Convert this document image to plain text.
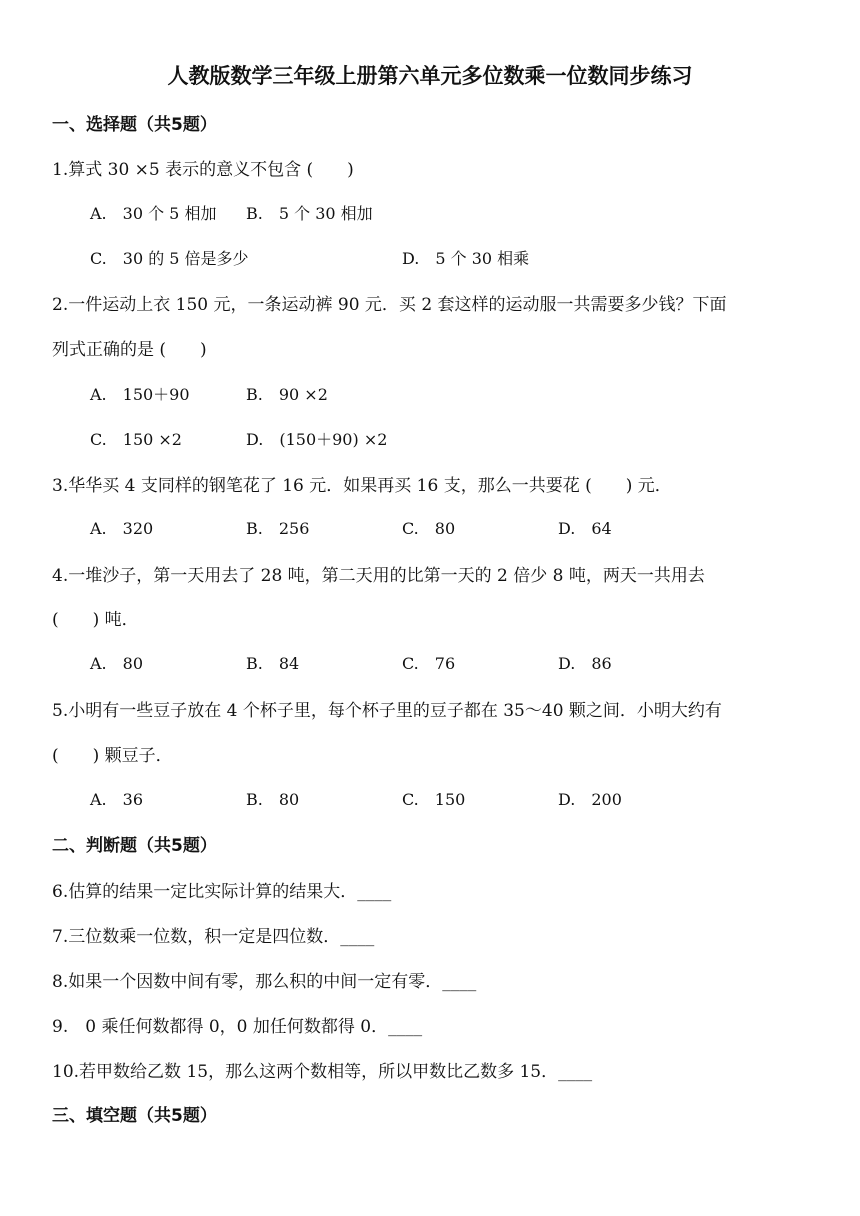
人教版数学三年级上册第六单元多位数乘一位数同步练习
一、选择题（共5题）
1.算式 30 ×5 表示的意义不包含 (　　)
A.　30 个 5 相加 B.　5 个 30 相加
C.　30 的 5 倍是多少	D.　5 个 30 相乘
2.一件运动上衣 150 元，一条运动裤 90 元．买 2 套这样的运动服一共需要多少钱？下面
列式正确的是 (　　)
A.　150＋90	B.　90 ×2
C.　150 ×2	D.　(150＋90) ×2
3.华华买 4 支同样的钢笔花了 16 元．如果再买 16 支，那么一共要花 (　　) 元．
A.　320	B.　256	C.　80	D.　64
4.一堆沙子，第一天用去了 28 吨，第二天用的比第一天的 2 倍少 8 吨，两天一共用去
(　　) 吨．
A.　80	B.　84	C.　76	D.　86
5.小明有一些豆子放在 4 个杯子里，每个杯子里的豆子都在 35～40 颗之间．小明大约有
(　　) 颗豆子．
A.　36	B.　80	C.　150	D.　200
二、判断题（共5题）
6.估算的结果一定比实际计算的结果大．____
7.三位数乘一位数，积一定是四位数．____
8.如果一个因数中间有零，那么积的中间一定有零．____
9.　0 乘任何数都得 0，0 加任何数都得 0．____
10.若甲数给乙数 15，那么这两个数相等，所以甲数比乙数多 15．____
三、填空题（共5题）
